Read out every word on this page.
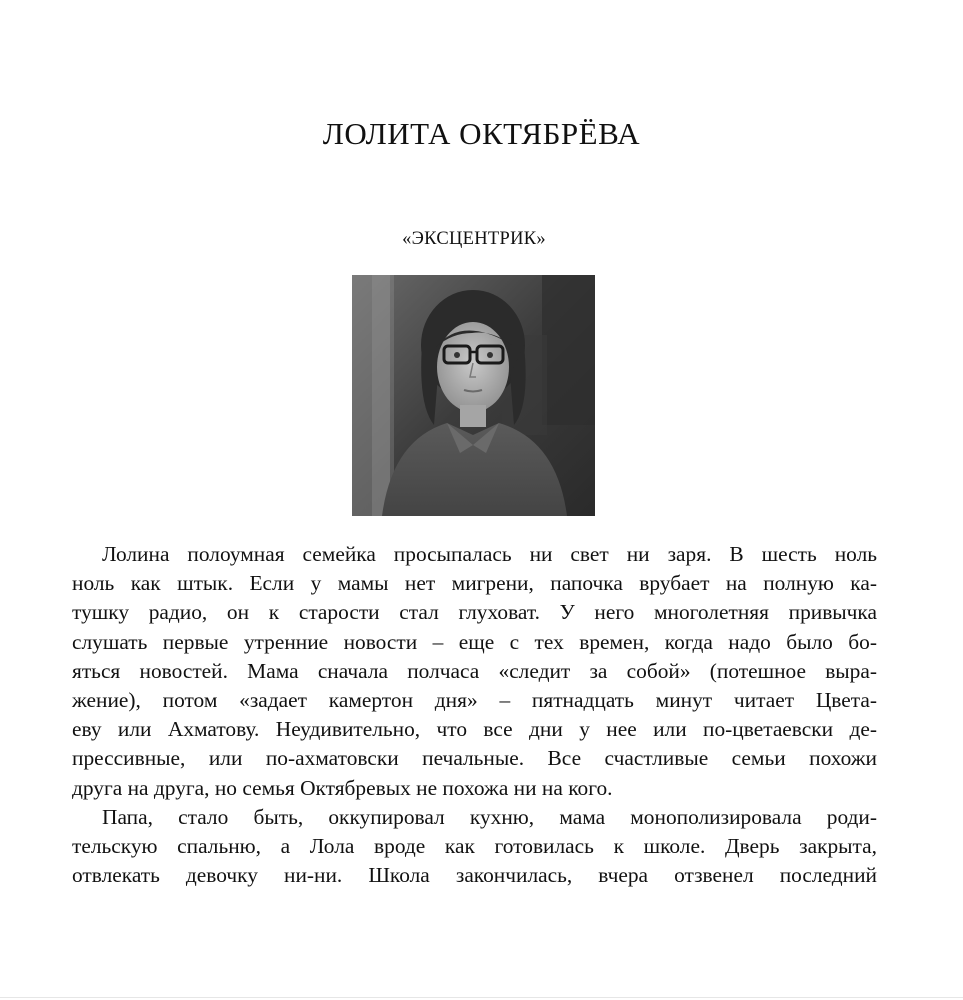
ЛОЛИТА ОКТЯБРЁВА
«ЭКСЦЕНТРИК»
Лолина полоумная семейка просыпалась ни свет ни заря. В шесть ноль
ноль как штык. Если у мамы нет мигрени, папочка врубает на полную ка-
тушку радио, он к старости стал глуховат. У него многолетняя привычка
слушать первые утренние новости – еще с тех времен, когда надо было бо-
яться новостей. Мама сначала полчаса «следит за собой» (потешное выра-
жение), потом «задает камертон дня» – пятнадцать минут читает Цвета-
еву или Ахматову. Неудивительно, что все дни у нее или по-цветаевски де-
прессивные, или по-ахматовски печальные. Все счастливые семьи похожи
друга на друга, но семья Октябревых не похожа ни на кого.
Папа, стало быть, оккупировал кухню, мама монополизировала роди-
тельскую спальню, а Лола вроде как готовилась к школе. Дверь закрыта,
отвлекать девочку ни-ни. Школа закончилась, вчера отзвенел последний
